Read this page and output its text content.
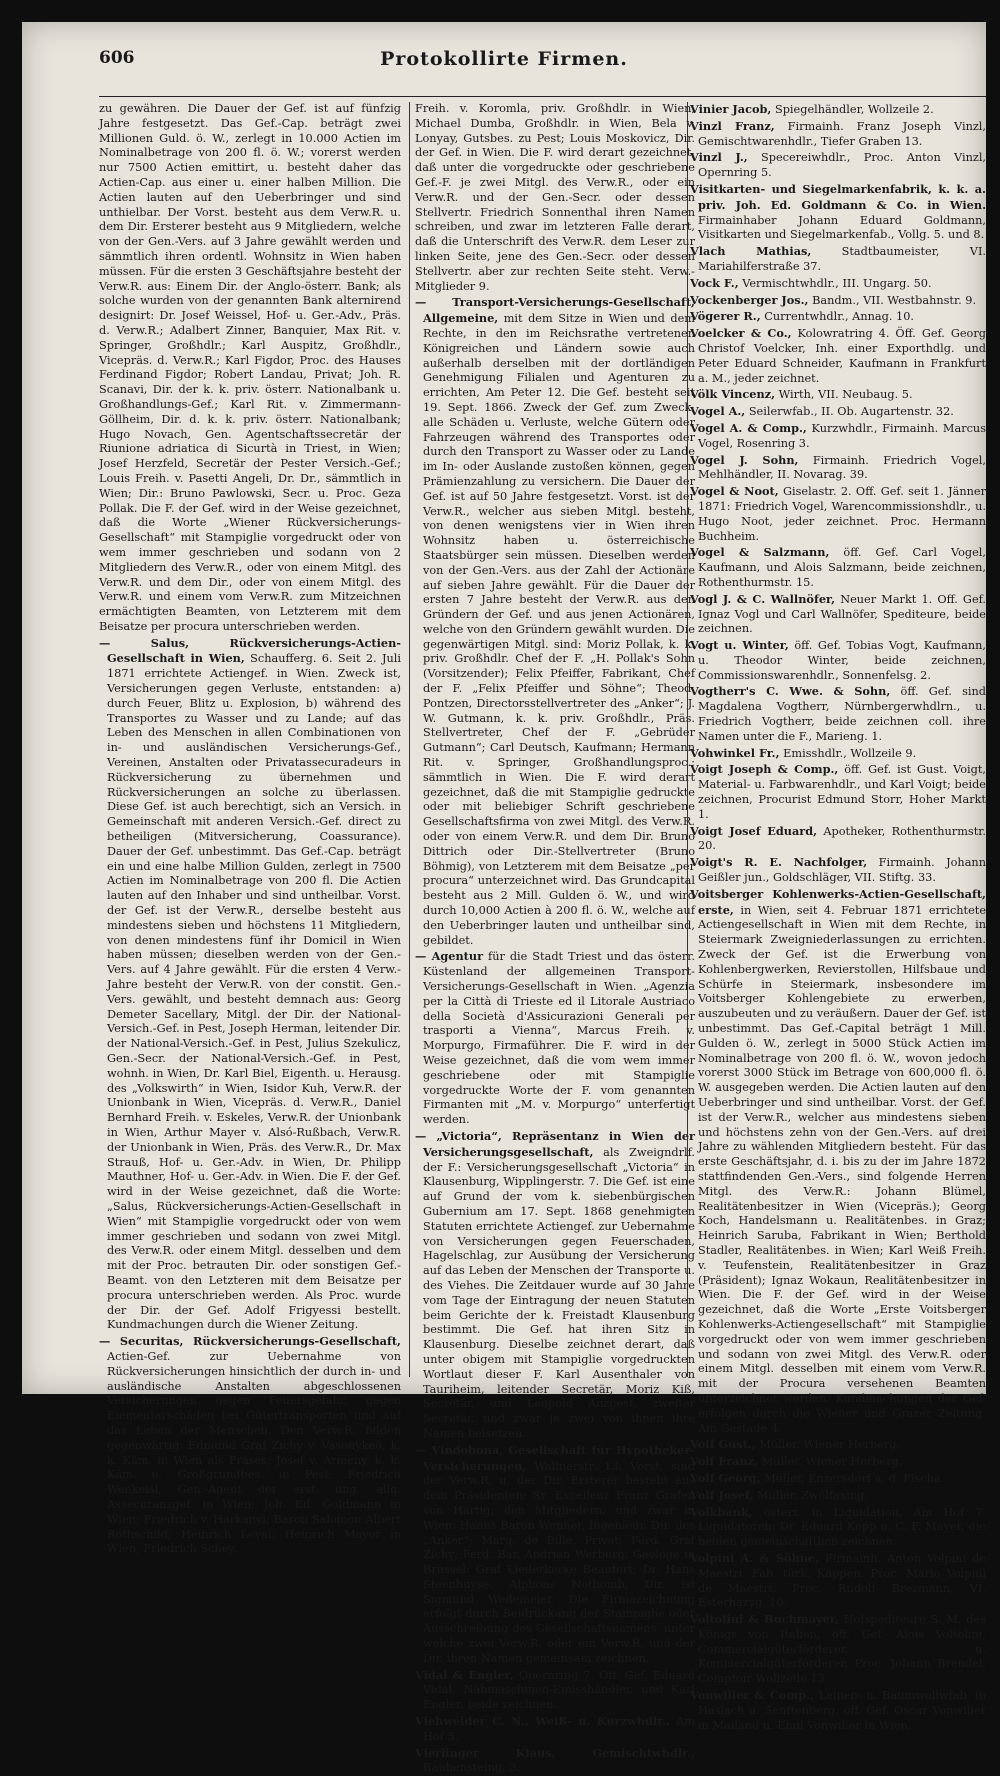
606	Protokollirte Firmen.

zu gewähren. Die Dauer der Gef. ist auf fünfzig Jahre festgesetzt. Das Gef.-Cap. beträgt zwei Millionen Guld. ö. W., zerlegt in 10.000 Actien im Nominalbetrage von 200 fl. ö. W.; vorerst werden nur 7500 Actien emittirt, u. besteht daher das Actien-Cap. aus einer u. einer halben Million. Die Actien lauten auf den Ueberbringer und sind unthielbar. Der Vorst. besteht aus dem Verw.R. u. dem Dir. Ersterer besteht aus 9 Mitgliedern, welche von der Gen.-Vers. auf 3 Jahre gewählt werden und sämmtlich ihren ordentl. Wohnsitz in Wien haben müssen. Für die ersten 3 Geschäftsjahre besteht der Verw.R. aus: Einem Dir. der Anglo-österr. Bank; als solche wurden von der genannten Bank alternirend designirt: Dr. Josef Weissel, Hof- u. Ger.-Adv., Präs. d. Verw.R.; Adalbert Zinner, Banquier, Max Rit. v. Springer, Großhdlr.; Karl Auspitz, Großhdlr., Vicepräs. d. Verw.R.; Karl Figdor, Proc. des Hauses Ferdinand Figdor; Robert Landau, Privat; Joh. R. Scanavi, Dir. der k. k. priv. österr. Nationalbank u. Großhandlungs-Gef.; Karl Rit. v. Zimmermann-Göllheim, Dir. d. k. k. priv. österr. Nationalbank; Hugo Novach, Gen. Agentschaftssecretär der Riunione adriatica di Sicurtà in Triest, in Wien; Josef Herzfeld, Secretär der Pester Versich.-Gef.; Louis Freih. v. Pasetti Angeli, Dr. Dr., sämmtlich in Wien; Dir.: Bruno Pawlowski, Secr. u. Proc. Geza Pollak. Die F. der Gef. wird in der Weise gezeichnet, daß die Worte „Wiener Rückversicherungs-Gesellschaft“ mit Stampiglie vorgedruckt oder von wem immer geschrieben und sodann von 2 Mitgliedern des Verw.R., oder von einem Mitgl. des Verw.R. und dem Dir., oder von einem Mitgl. des Verw.R. und einem vom Verw.R. zum Mitzeichnen ermächtigten Beamten, von Letzterem mit dem Beisatze per procura unterschrieben werden.

— Salus, Rückversicherungs-Actien-Gesellschaft in Wien, Schaufferg. 6. Seit 2. Juli 1871 errichtete Actiengef. in Wien. Zweck ist, Versicherungen gegen Verluste, entstanden: a) durch Feuer, Blitz u. Explosion, b) während des Transportes zu Wasser und zu Lande; auf das Leben des Menschen in allen Combinationen von in- und ausländischen Versicherungs-Gef., Vereinen, Anstalten oder Privatassecuradeurs in Rückversicherung zu übernehmen und Rückversicherungen an solche zu überlassen. Diese Gef. ist auch berechtigt, sich an Versich. in Gemeinschaft mit anderen Versich.-Gef. direct zu betheiligen (Mitversicherung, Coassurance). Dauer der Gef. unbestimmt. Das Gef.-Cap. beträgt ein und eine halbe Million Gulden, zerlegt in 7500 Actien im Nominalbetrage von 200 fl. Die Actien lauten auf den Inhaber und sind untheilbar. Vorst. der Gef. ist der Verw.R., derselbe besteht aus mindestens sieben und höchstens 11 Mitgliedern, von denen mindestens fünf ihr Domicil in Wien haben müssen; dieselben werden von der Gen.-Vers. auf 4 Jahre gewählt. Für die ersten 4 Verw.-Jahre besteht der Verw.R. von der constit. Gen.-Vers. gewählt, und besteht demnach aus: Georg Demeter Sacellary, Mitgl. der Dir. der National-Versich.-Gef. in Pest, Joseph Herman, leitender Dir. der National-Versich.-Gef. in Pest, Julius Szekulicz, Gen.-Secr. der National-Versich.-Gef. in Pest, wohnh. in Wien, Dr. Karl Biel, Eigenth. u. Herausg. des „Volkswirth“ in Wien, Isidor Kuh, Verw.R. der Unionbank in Wien, Vicepräs. d. Verw.R., Daniel Bernhard Freih. v. Eskeles, Verw.R. der Unionbank in Wien, Arthur Mayer v. Alsó-Rußbach, Verw.R. der Unionbank in Wien, Präs. des Verw.R., Dr. Max Strauß, Hof- u. Ger.-Adv. in Wien, Dr. Philipp Mauthner, Hof- u. Ger.-Adv. in Wien. Die F. der Gef. wird in der Weise gezeichnet, daß die Worte: „Salus, Rückversicherungs-Actien-Gesellschaft in Wien“ mit Stampiglie vorgedruckt oder von wem immer geschrieben und sodann von zwei Mitgl. des Verw.R. oder einem Mitgl. desselben und dem mit der Proc. betrauten Dir. oder sonstigen Gef.-Beamt. von den Letzteren mit dem Beisatze per procura unterschrieben werden. Als Proc. wurde der Dir. der Gef. Adolf Frigyessi bestellt. Kundmachungen durch die Wiener Zeitung.

— Securitas, Rückversicherungs-Gesellschaft, Actien-Gef. zur Uebernahme von Rückversicherungen hinsichtlich der durch in- und ausländische Anstalten abgeschlossenen Versicherungen gegen Feuersgefahr, gegen Elementarschäden bei Gütertransporten und auf das Leben der Menschen. Den Verw.R. bilden gegenwärtig: Edmund Graf Zichy v. Vasonykeö, k. k. Käm. in Wien als Präses; Josef v. Armeny, k. k. Käm. u. Großgrundbes. in Pest; Friedrich Wenkeisl, Gen.-Agent der erst. ung. allg. Assecuranzgef. in Wien; Joh. Ed. Goldmann in Wien; Friedrich v. Harkanyi; Baron Salomon Albert Rothschild; Heinrich Levai; Heinrich Mayer in Wien; Friedrich Schey,

Freih. v. Koromla, priv. Großhdlr. in Wien, Michael Dumba, Großhdlr. in Wien, Bela v. Lonyay, Gutsbes. zu Pest; Louis Moskovicz, Dir. der Gef. in Wien. Die F. wird derart gezeichnet, daß unter die vorgedruckte oder geschriebene Gef.-F. je zwei Mitgl. des Verw.R., oder ein Verw.R. und der Gen.-Secr. oder dessen Stellvertr. Friedrich Sonnenthal ihren Namen schreiben, und zwar im letzteren Falle derart, daß die Unterschrift des Verw.R. dem Leser zur linken Seite, jene des Gen.-Secr. oder dessen Stellvertr. aber zur rechten Seite steht. Verw.-Mitglieder 9.

— Transport-Versicherungs-Gesellschaft, Allgemeine, mit dem Sitze in Wien und dem Rechte, in den im Reichsrathe vertretenen Königreichen und Ländern sowie auch außerhalb derselben mit der dortländigen Genehmigung Filialen und Agenturen zu errichten, Am Peter 12. Die Gef. besteht seit 19. Sept. 1866. Zweck der Gef. zum Zweck, alle Schäden u. Verluste, welche Gütern oder Fahrzeugen während des Transportes oder durch den Transport zu Wasser oder zu Lande im In- oder Auslande zustoßen können, gegen Prämienzahlung zu versichern. Die Dauer der Gef. ist auf 50 Jahre festgesetzt. Vorst. ist der Verw.R., welcher aus sieben Mitgl. besteht, von denen wenigstens vier in Wien ihren Wohnsitz haben u. österreichische Staatsbürger sein müssen. Dieselben werden von der Gen.-Vers. aus der Zahl der Actionäre auf sieben Jahre gewählt. Für die Dauer der ersten 7 Jahre besteht der Verw.R. aus den Gründern der Gef. und aus jenen Actionären, welche von den Gründern gewählt wurden. Die gegenwärtigen Mitgl. sind: Moriz Pollak, k. k. priv. Großhdlr. Chef der F. „H. Pollak's Sohn (Vorsitzender); Felix Pfeiffer, Fabrikant, Chef der F. „Felix Pfeiffer und Söhne“; Theod. Pontzen, Directorsstellvertreter des „Anker“; J. W. Gutmann, k. k. priv. Großhdlr., Präs. Stellvertreter, Chef der F. „Gebrüder Gutmann“; Carl Deutsch, Kaufmann; Hermann Rit. v. Springer, Großhandlungsproc.; sämmtlich in Wien. Die F. wird derart gezeichnet, daß die mit Stampiglie gedruckte oder mit beliebiger Schrift geschriebene Gesellschaftsfirma von zwei Mitgl. des Verw.R. oder von einem Verw.R. und dem Dir. Bruno Dittrich oder Dir.-Stellvertreter (Bruno Böhmig), von Letzterem mit dem Beisatze „per procura“ unterzeichnet wird. Das Grundcapital besteht aus 2 Mill. Gulden ö. W., und wird durch 10,000 Actien à 200 fl. ö. W., welche auf den Ueberbringer lauten und untheilbar sind, gebildet.

— Agentur für die Stadt Triest und das österr. Küstenland der allgemeinen Transport-Versicherungs-Gesellschaft in Wien. „Agenzia per la Città di Trieste ed il Litorale Austriaco della Società d'Assicurazioni Generali per trasporti a Vienna“, Marcus Freih. v. Morpurgo, Firmaführer. Die F. wird in der Weise gezeichnet, daß die vom wem immer geschriebene oder mit Stampiglie vorgedruckte Worte der F. vom genannten Firmanten mit „M. v. Morpurgo“ unterfertigt werden.

— „Victoria“, Repräsentanz in Wien der Versicherungsgesellschaft, als Zweigndrlf. der F.: Versicherungsgesellschaft „Victoria“ in Klausenburg, Wipplingerstr. 7. Die Gef. ist eine auf Grund der vom k. siebenbürgischen Gubernium am 17. Sept. 1868 genehmigten Statuten errichtete Actiengef. zur Uebernahme von Versicherungen gegen Feuerschaden, Hagelschlag, zur Ausübung der Versicherung auf das Leben der Menschen der Transporte u. des Viehes. Die Zeitdauer wurde auf 30 Jahre vom Tage der Eintragung der neuen Statuten beim Gerichte der k. Freistadt Klausenburg bestimmt. Die Gef. hat ihren Sitz in Klausenburg. Dieselbe zeichnet derart, daß unter obigem mit Stampiglie vorgedruckten Wortlaut dieser F. Karl Ausenthaler von Tauriheim, leitender Secretär, Moriz Kiß, Secretär, und Leopold Anzgest, zweiter Secretär, und zwar je zwei von ihnen ihre Namen beisetzen.

— Vindobona, Gesellschaft für Hypotheker-Versicherungen, Wallnerstr. 13. Vorst. sind der Verw.R. u. der Dir. Ersterer besteht aus dem Präsidenten: Sr. Excellenz Franz Grafen von Hartig; den Mitgliedern, und zwar in Wien: Hanns Baron Wenner, Ingenieur, Dir. des „Anker“; Marq. de Bille, Privat; Ferd. Graf Zichy; Ferd. Bar. Andrian Werburg, Geologe in Brüssel: Graf Liederkerke Beaufort; Dr. Hans Steenhuyse; Alphons Nothomb; Dir. ist Sigmund Wedemeier. Die Firmazeichnung erfolgt durch Beidrückung der Stampiglie oder Ausschreibung des Gesellschaftsnamens, unter welche zwei Verw.R. oder ein Verw.R. und der Dir. ihren Namen gemeinsam zeichnen.

Vidal & Engler, Opernring 7. Off. Gef. Eduard Vidal, Nähmaschinen-Emisshändler, und Karl Engler, beide zeichnen.

Viehweider C. N., Weiß- u. Kurzwhdlr., Am Hof 5.

Vierlinger Klaus, Gemischtwhdlr., Rauhensteing. 3.

Vinier Jacob, Spiegelhändler, Wollzeile 2.

Vinzl Franz, Firmainh. Franz Joseph Vinzl, Gemischtwarenhdlr., Tiefer Graben 13.

Vinzl J., Specereiwhdlr., Proc. Anton Vinzl, Opernring 5.

Visitkarten- und Siegelmarkenfabrik, k. k. a. priv. Joh. Ed. Goldmann & Co. in Wien. Firmainhaber Johann Eduard Goldmann, Visitkarten und Siegelmarkenfab., Vollg. 5. und 8.

Vlach Mathias,	Stadtbaumeister, VI. Mariahilferstraße 37.

Vock F., Vermischtwhdlr., III. Ungarg. 50.

Vockenberger Jos., Bandm., VII. Westbahnstr. 9.

Vögerer R., Currentwhdlr., Annag. 10.

Voelcker & Co., Kolowratring 4. Öff. Gef. Georg Christof Voelcker, Inh. einer Exporthdlg. und Peter Eduard Schneider, Kaufmann in Frankfurt a. M., jeder zeichnet.

Völk Vincenz, Wirth, VII. Neubaug. 5.

Vogel A., Seilerwfab., II. Ob. Augartenstr. 32.

Vogel A. & Comp., Kurzwhdlr., Firmainh. Marcus Vogel, Rosenring 3.

Vogel J. Sohn, Firmainh. Friedrich Vogel, Mehlhändler, II. Novarag. 39.

Vogel & Noot, Giselastr. 2. Off. Gef. seit 1. Jänner 1871: Friedrich Vogel, Warencommissionshdlr., u. Hugo Noot, jeder zeichnet. Proc. Hermann Buchheim.

Vogel & Salzmann, öff. Gef. Carl Vogel, Kaufmann, und Alois Salzmann, beide zeichnen, Rothenthurmstr. 15.

Vogl J. & C. Wallnöfer, Neuer Markt 1. Off. Gef. Ignaz Vogl und Carl Wallnöfer, Spediteure, beide zeichnen.

Vogt u. Winter, öff. Gef. Tobias Vogt, Kaufmann, u. Theodor Winter, beide zeichnen, Commissionswarenhdlr., Sonnenfelsg. 2.

Vogtherr's C. Wwe. & Sohn, öff. Gef. sind Magdalena Vogtherr, Nürnbergerwhdlrn., u. Friedrich Vogtherr, beide zeichnen coll. ihre Namen unter die F., Marieng. 1.

Vohwinkel Fr., Emisshdlr., Wollzeile 9.

Voigt Joseph & Comp., öff. Gef. ist Gust. Voigt, Material- u. Farbwarenhdlr., und Karl Voigt; beide zeichnen, Procurist Edmund Storr, Hoher Markt 1.

Voigt Josef Eduard, Apotheker, Rothenthurmstr. 20.

Voigt's R. E. Nachfolger, Firmainh. Johann Geißler jun., Goldschläger, VII. Stiftg. 33.

Voitsberger Kohlenwerks-Actien-Gesellschaft, erste, in Wien, seit 4. Februar 1871 errichtete Actiengesellschaft in Wien mit dem Rechte, in Steiermark Zweigniederlassungen zu errichten. Zweck der Gef. ist die Erwerbung von Kohlenbergwerken, Revierstollen, Hilfsbaue und Schürfe in Steiermark, insbesondere im Voitsberger Kohlengebiete zu erwerben, auszubeuten und zu veräußern. Dauer der Gef. ist unbestimmt. Das Gef.-Capital beträgt 1 Mill. Gulden ö. W., zerlegt in 5000 Stück Actien im Nominalbetrage von 200 fl. ö. W., wovon jedoch vorerst 3000 Stück im Betrage von 600,000 fl. ö. W. ausgegeben werden. Die Actien lauten auf den Ueberbringer und sind untheilbar. Vorst. der Gef. ist der Verw.R., welcher aus mindestens sieben und höchstens zehn von der Gen.-Vers. auf drei Jahre zu wählenden Mitgliedern besteht. Für das erste Geschäftsjahr, d. i. bis zu der im Jahre 1872 stattfindenden Gen.-Vers., sind folgende Herren Mitgl. des Verw.R.: Johann Blümel, Realitätenbesitzer in Wien (Vicepräs.); Georg Koch, Handelsmann u. Realitätenbes. in Graz; Heinrich Saruba, Fabrikant in Wien; Berthold Stadler, Realitätenbes. in Wien; Karl Weiß Freih. v. Teufenstein, Realitätenbesitzer in Graz (Präsident); Ignaz Wokaun, Realitätenbesitzer in Wien. Die F. der Gef. wird in der Weise gezeichnet, daß die Worte „Erste Voitsberger Kohlenwerks-Actiengesellschaft“ mit Stampiglie vorgedruckt oder von wem immer geschrieben und sodann von zwei Mitgl. des Verw.R. oder einem Mitgl. desselben mit einem vom Verw.R. mit der Procura versehenen Beamten unterzeichnet werden. Kundmachungen der Gef. erfolgen durch die Wiener und Grazer Zeitung. Am Gestade 4.

Volf Gust., Müller, Wiener Herberg.

Volf Franz, Müller, Wiener Herberg.

Volf Georg, Müller, Enzersdorf a. d. Fischa.

Volf Josef, Müller, Zwölfaxing.

Volkbank, österr. in Liquidation, Am Hof 7. Liquidatoren: Dr. Eduard Kopp u. C. F. Mayer, die beiden gemeinschaftlich zeichnen.

Volpini A. & Söhne, Firmainh. Anton Volpini de Maestri, Fab. türk. Kappen, Proc. Mario Volpini de Maestri, Proc. Rudolf Brezmann, VI. Esterhazyg. 10.

Voltolini & Buchmayer, Hofspediteure S. M. des Königs von Italien, öff. Gef. Alois Voltolini, Commercialgüterförderer, u. Kommercialgüterförderer, Proc. Johann Brendel, Comptoir Wollzeile 15.

Vonwiller & Comp., Leinen- u. Baumwollwfab. in Haslach u. Senftenberg, öff. Gef. Oscar Vonwiller in Mailand u. Emil Vonwiller in Wien,
